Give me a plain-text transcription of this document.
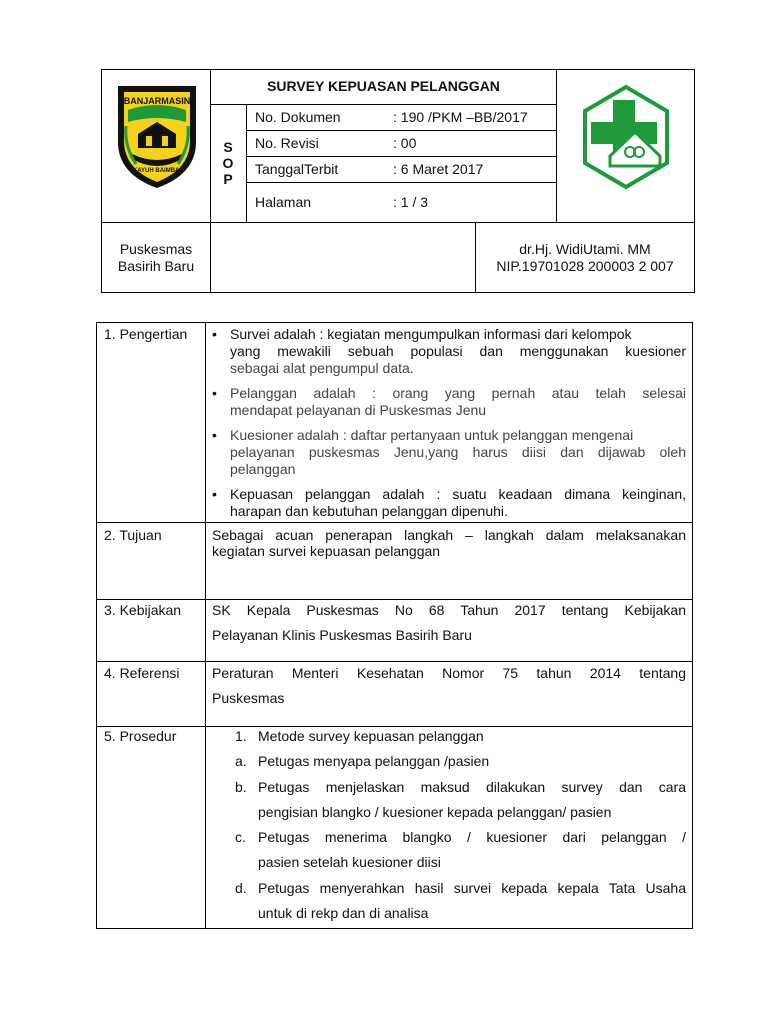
BANJARMASIN
KAYUH BAIMBAI
SURVEY KEPUASAN PELANGGAN
S
O
P
No. Dokumen	: 190 /PKM –BB/2017
No. Revisi	: 00
TanggalTerbit	: 6 Maret 2017
Halaman	: 1 / 3
Puskesmas
Basirih Baru
dr.Hj. WidiUtami. MM
NIP.19701028 200003 2 007
1. Pengertian • Survei adalah : kegiatan mengumpulkan informasi dari kelompok
yang mewakili sebuah populasi dan menggunakan kuesioner
sebagai alat pengumpul data.
• Pelanggan adalah : orang yang pernah atau telah selesai
mendapat pelayanan di Puskesmas Jenu
• Kuesioner adalah : daftar pertanyaan untuk pelanggan mengenai
pelayanan puskesmas Jenu,yang harus diisi dan dijawab oleh
pelanggan
• Kepuasan pelanggan adalah : suatu keadaan dimana keinginan,
harapan dan kebutuhan pelanggan dipenuhi.
2. Tujuan	Sebagai acuan penerapan langkah – langkah dalam melaksanakan
kegiatan survei kepuasan pelanggan
3. Kebijakan SK Kepala Puskesmas No 68 Tahun 2017 tentang Kebijakan
Pelayanan Klinis Puskesmas Basirih Baru
4. Referensi Peraturan Menteri Kesehatan Nomor 75 tahun 2014 tentang
Puskesmas
5. Prosedur	1. Metode survey kepuasan pelanggan
a. Petugas menyapa pelanggan /pasien
b. Petugas menjelaskan maksud dilakukan survey dan cara
pengisian blangko / kuesioner kepada pelanggan/ pasien
c. Petugas menerima blangko / kuesioner dari pelanggan /
pasien setelah kuesioner diisi
d. Petugas menyerahkan hasil survei kepada kepala Tata Usaha
untuk di rekp dan di analisa
